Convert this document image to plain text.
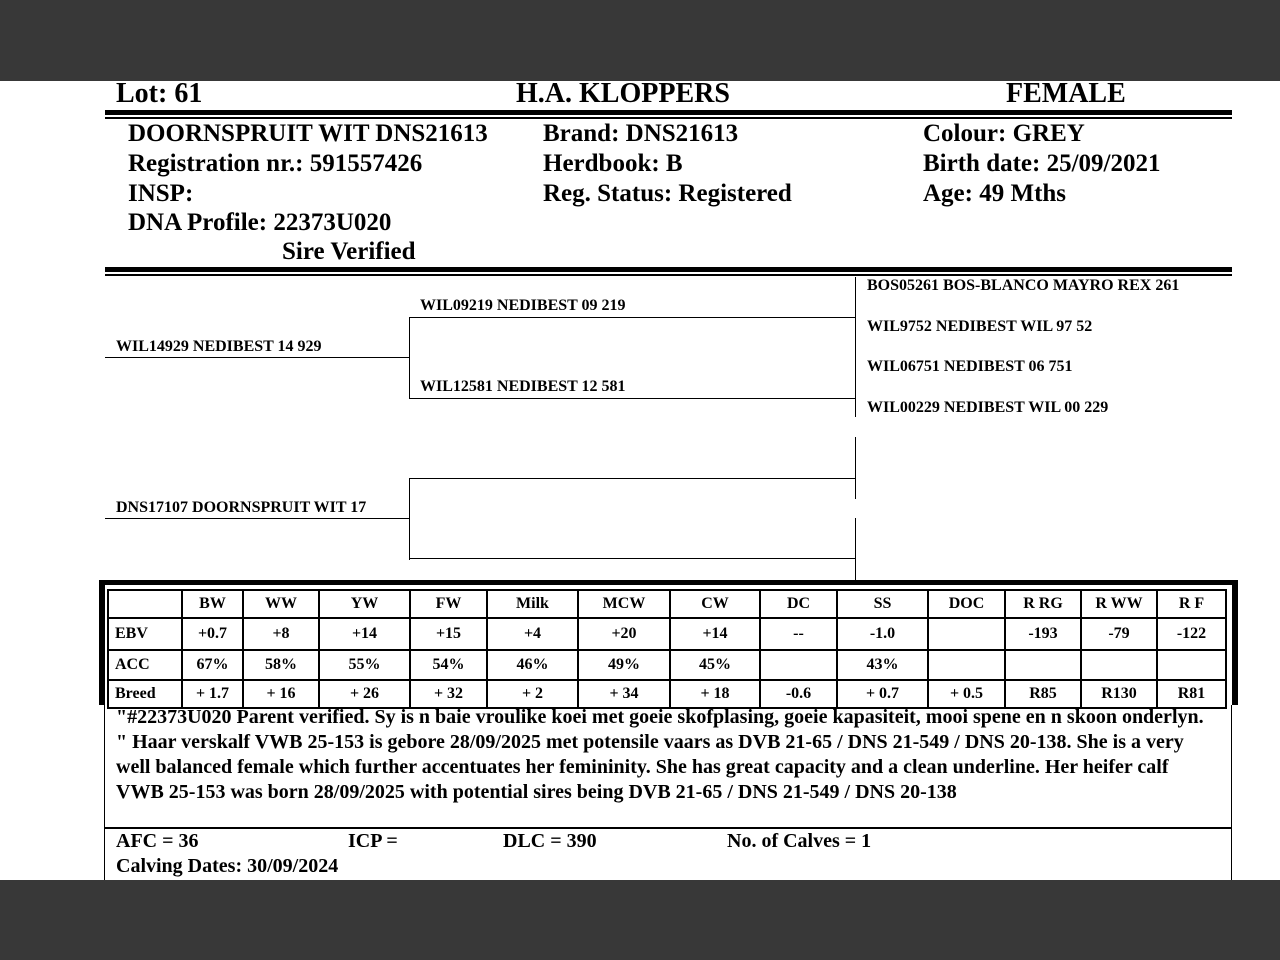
Lot: 61	H.A. KLOPPERS	FEMALE
DOORNSPRUIT WIT DNS21613
Registration nr.: 591557426
INSP:
DNA Profile: 22373U020
Sire Verified
Brand: DNS21613
Herdbook: B
Reg. Status: Registered
Colour: GREY
Birth date: 25/09/2021
Age: 49 Mths
WIL14929 NEDIBEST 14 929
DNS17107 DOORNSPRUIT WIT 17
WIL09219 NEDIBEST 09 219
WIL12581 NEDIBEST 12 581
BOS05261 BOS-BLANCO MAYRO REX 261
WIL9752 NEDIBEST WIL 97 52
WIL06751 NEDIBEST 06 751
WIL00229 NEDIBEST WIL 00 229
	BW	WW	YW	FW	Milk	MCW	CW	DC	SS	DOC	R RG	R WW	R F
EBV	+0.7	+8	+14	+15	+4	+20	+14	--	-1.0		-193	-79	-122
ACC	67%	58%	55%	54%	46%	49%	45%		43%				
Breed	+ 1.7	+ 16	+ 26	+ 32	+ 2	+ 34	+ 18	-0.6	+ 0.7	+ 0.5	R85	R130	R81
"#22373U020 Parent verified. Sy is n baie vroulike koei met goeie skofplasing, goeie kapasiteit, mooi spene en n skoon onderlyn. " Haar verskalf VWB 25-153 is gebore 28/09/2025 met potensile vaars as DVB 21-65 / DNS 21-549 / DNS 20-138. She is a very well balanced female which further accentuates her femininity. She has great capacity and a clean underline. Her heifer calf VWB 25-153 was born 28/09/2025 with potential sires being DVB 21-65 / DNS 21-549 / DNS 20-138
AFC = 36	ICP =	DLC = 390	No. of Calves = 1
Calving Dates: 30/09/2024
